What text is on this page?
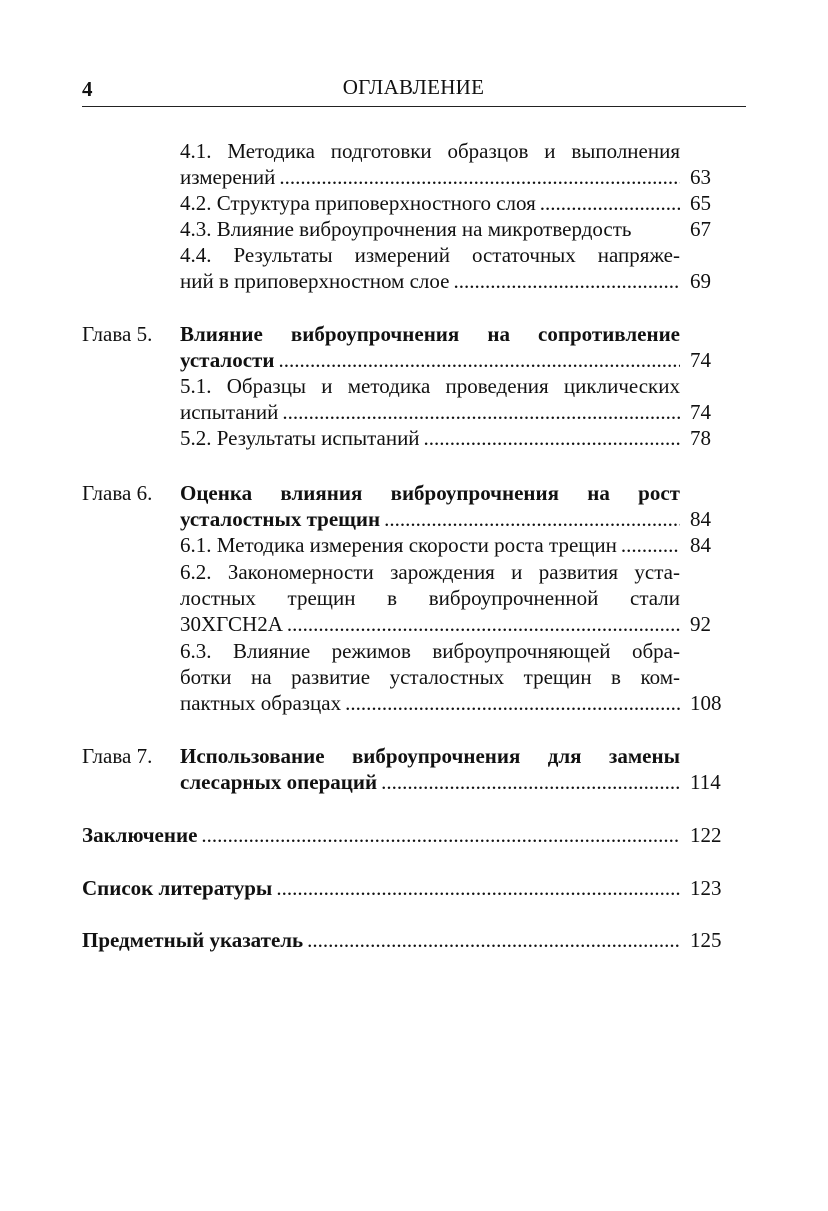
4	ОГЛАВЛЕНИЕ
4.1. Методика подготовки образцов и выполнения
измерений .....	63
4.2. Структура приповерхностного слоя .....	65
4.3. Влияние виброупрочнения на микротвердость	67
4.4. Результаты измерений остаточных напряже-
ний в приповерхностном слое .....	69
Глава 5. Влияние виброупрочнения на сопротивление
усталости .....	74
5.1. Образцы и методика проведения циклических
испытаний .....	74
5.2. Результаты испытаний .....	78
Глава 6. Оценка влияния виброупрочнения на рост
усталостных трещин .....	84
6.1. Методика измерения скорости роста трещин .....	84
6.2. Закономерности зарождения и развития уста-
лостных трещин в виброупрочненной стали
30ХГСН2А .....	92
6.3. Влияние режимов виброупрочняющей обра-
ботки на развитие усталостных трещин в ком-
пактных образцах .....	108
Глава 7. Использование виброупрочнения для замены
слесарных операций .....	114
Заключение .....	122
Список литературы .....	123
Предметный указатель .....	125
